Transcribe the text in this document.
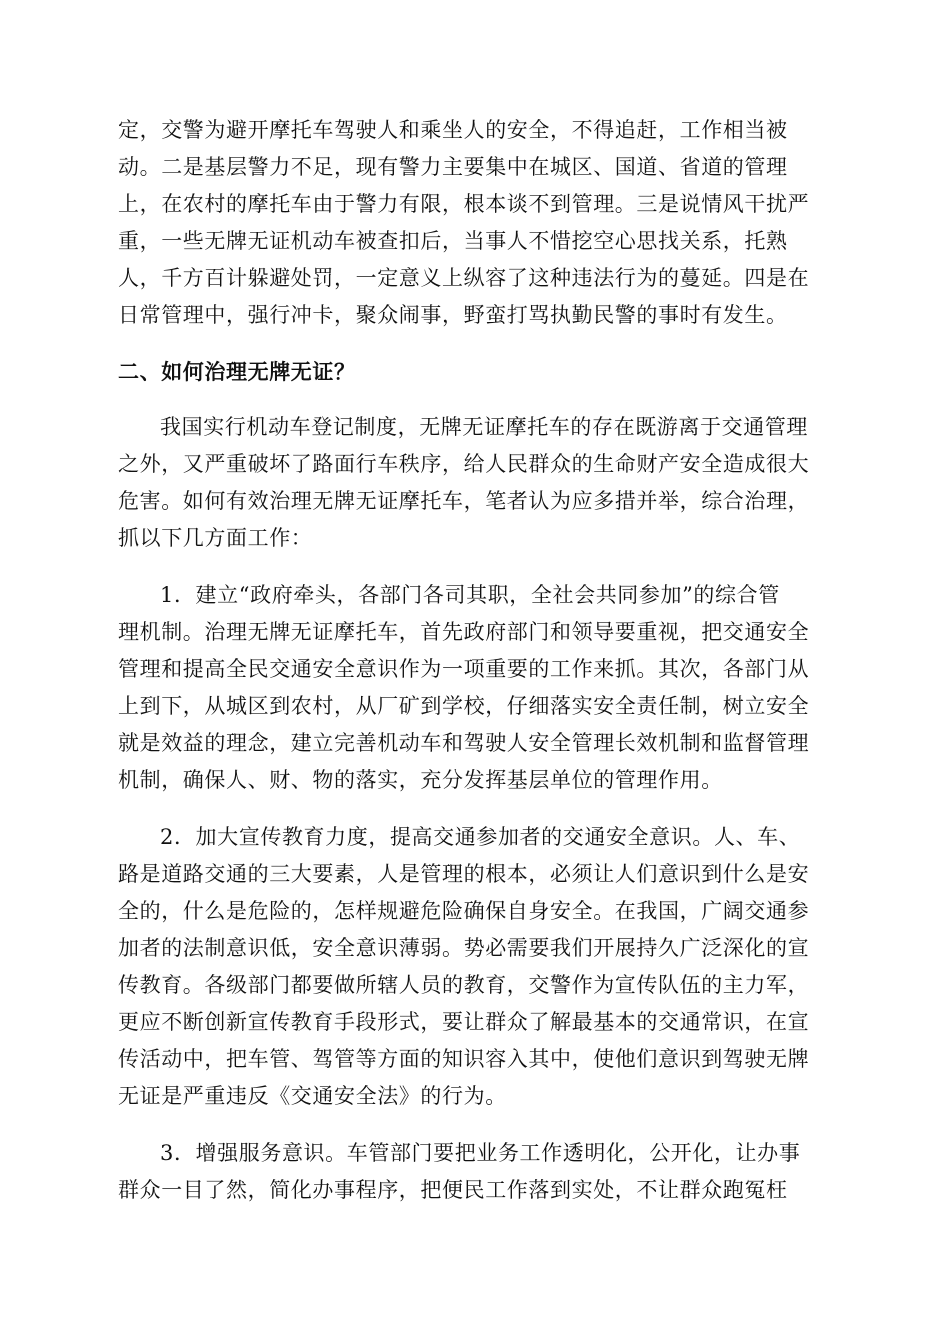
定，交警为避开摩托车驾驶人和乘坐人的安全，不得追赶，工作相当被
动。二是基层警力不足，现有警力主要集中在城区、国道、省道的管理
上，在农村的摩托车由于警力有限，根本谈不到管理。三是说情风干扰严
重，一些无牌无证机动车被查扣后，当事人不惜挖空心思找关系，托熟
人，千方百计躲避处罚，一定意义上纵容了这种违法行为的蔓延。四是在
日常管理中，强行冲卡，聚众闹事，野蛮打骂执勤民警的事时有发生。
二、如何治理无牌无证？
我国实行机动车登记制度，无牌无证摩托车的存在既游离于交通管理
之外，又严重破坏了路面行车秩序，给人民群众的生命财产安全造成很大
危害。如何有效治理无牌无证摩托车，笔者认为应多措并举，综合治理，
抓以下几方面工作：
1．建立“政府牵头，各部门各司其职，全社会共同参加”的综合管
理机制。治理无牌无证摩托车，首先政府部门和领导要重视，把交通安全
管理和提高全民交通安全意识作为一项重要的工作来抓。其次，各部门从
上到下，从城区到农村，从厂矿到学校，仔细落实安全责任制，树立安全
就是效益的理念，建立完善机动车和驾驶人安全管理长效机制和监督管理
机制，确保人、财、物的落实，充分发挥基层单位的管理作用。
2．加大宣传教育力度，提高交通参加者的交通安全意识。人、车、
路是道路交通的三大要素，人是管理的根本，必须让人们意识到什么是安
全的，什么是危险的，怎样规避危险确保自身安全。在我国，广阔交通参
加者的法制意识低，安全意识薄弱。势必需要我们开展持久广泛深化的宣
传教育。各级部门都要做所辖人员的教育，交警作为宣传队伍的主力军，
更应不断创新宣传教育手段形式，要让群众了解最基本的交通常识，在宣
传活动中，把车管、驾管等方面的知识容入其中，使他们意识到驾驶无牌
无证是严重违反《交通安全法》的行为。
3．增强服务意识。车管部门要把业务工作透明化，公开化，让办事
群众一目了然，简化办事程序，把便民工作落到实处，不让群众跑冤枉
